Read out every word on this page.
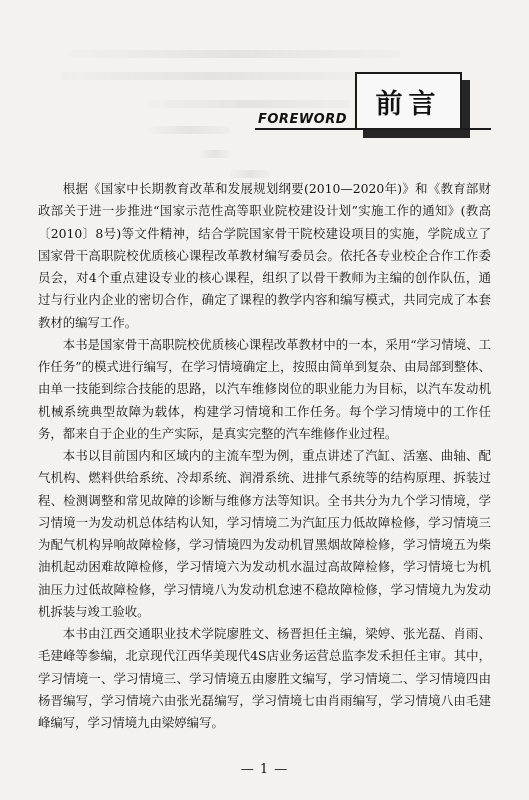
前言
FOREWORD

根据《国家中长期教育改革和发展规划纲要(2010—2020年)》和《教育部财政部关于进一步推进“国家示范性高等职业院校建设计划”实施工作的通知》(教高〔2010〕8号)等文件精神，结合学院国家骨干院校建设项目的实施，学院成立了国家骨干高职院校优质核心课程改革教材编写委员会。依托各专业校企合作工作委员会，对4个重点建设专业的核心课程，组织了以骨干教师为主编的创作队伍，通过与行业内企业的密切合作，确定了课程的教学内容和编写模式，共同完成了本套教材的编写工作。

本书是国家骨干高职院校优质核心课程改革教材中的一本，采用“学习情境、工作任务”的模式进行编写，在学习情境确定上，按照由简单到复杂、由局部到整体、由单一技能到综合技能的思路，以汽车维修岗位的职业能力为目标，以汽车发动机机械系统典型故障为载体，构建学习情境和工作任务。每个学习情境中的工作任务，都来自于企业的生产实际，是真实完整的汽车维修作业过程。

本书以目前国内和区域内的主流车型为例，重点讲述了汽缸、活塞、曲轴、配气机构、燃料供给系统、冷却系统、润滑系统、进排气系统等的结构原理、拆装过程、检测调整和常见故障的诊断与维修方法等知识。全书共分为九个学习情境，学习情境一为发动机总体结构认知，学习情境二为汽缸压力低故障检修，学习情境三为配气机构异响故障检修，学习情境四为发动机冒黑烟故障检修，学习情境五为柴油机起动困难故障检修，学习情境六为发动机水温过高故障检修，学习情境七为机油压力过低故障检修，学习情境八为发动机怠速不稳故障检修，学习情境九为发动机拆装与竣工验收。

本书由江西交通职业技术学院廖胜文、杨晋担任主编，梁婷、张光磊、肖雨、毛建峰等参编，北京现代江西华美现代4S店业务运营总监李发禾担任主审。其中，学习情境一、学习情境三、学习情境五由廖胜文编写，学习情境二、学习情境四由杨晋编写，学习情境六由张光磊编写，学习情境七由肖雨编写，学习情境八由毛建峰编写，学习情境九由梁婷编写。

— 1 —
